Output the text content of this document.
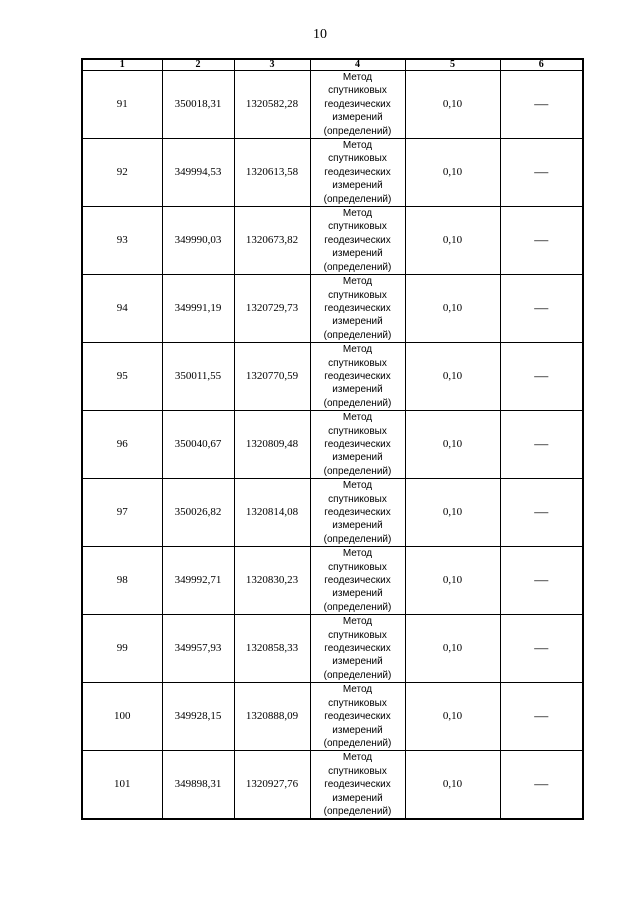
10
1	2	3	4	5	6
91	350018,31	1320582,28	Метод
спутниковых
геодезических
измерений
(определений)	0,10	—
92	349994,53	1320613,58	Метод
спутниковых
геодезических
измерений
(определений)	0,10	—
93	349990,03	1320673,82	Метод
спутниковых
геодезических
измерений
(определений)	0,10	—
94	349991,19	1320729,73	Метод
спутниковых
геодезических
измерений
(определений)	0,10	—
95	350011,55	1320770,59	Метод
спутниковых
геодезических
измерений
(определений)	0,10	—
96	350040,67	1320809,48	Метод
спутниковых
геодезических
измерений
(определений)	0,10	—
97	350026,82	1320814,08	Метод
спутниковых
геодезических
измерений
(определений)	0,10	—
98	349992,71	1320830,23	Метод
спутниковых
геодезических
измерений
(определений)	0,10	—
99	349957,93	1320858,33	Метод
спутниковых
геодезических
измерений
(определений)	0,10	—
100	349928,15	1320888,09	Метод
спутниковых
геодезических
измерений
(определений)	0,10	—
101	349898,31	1320927,76	Метод
спутниковых
геодезических
измерений
(определений)	0,10	—
